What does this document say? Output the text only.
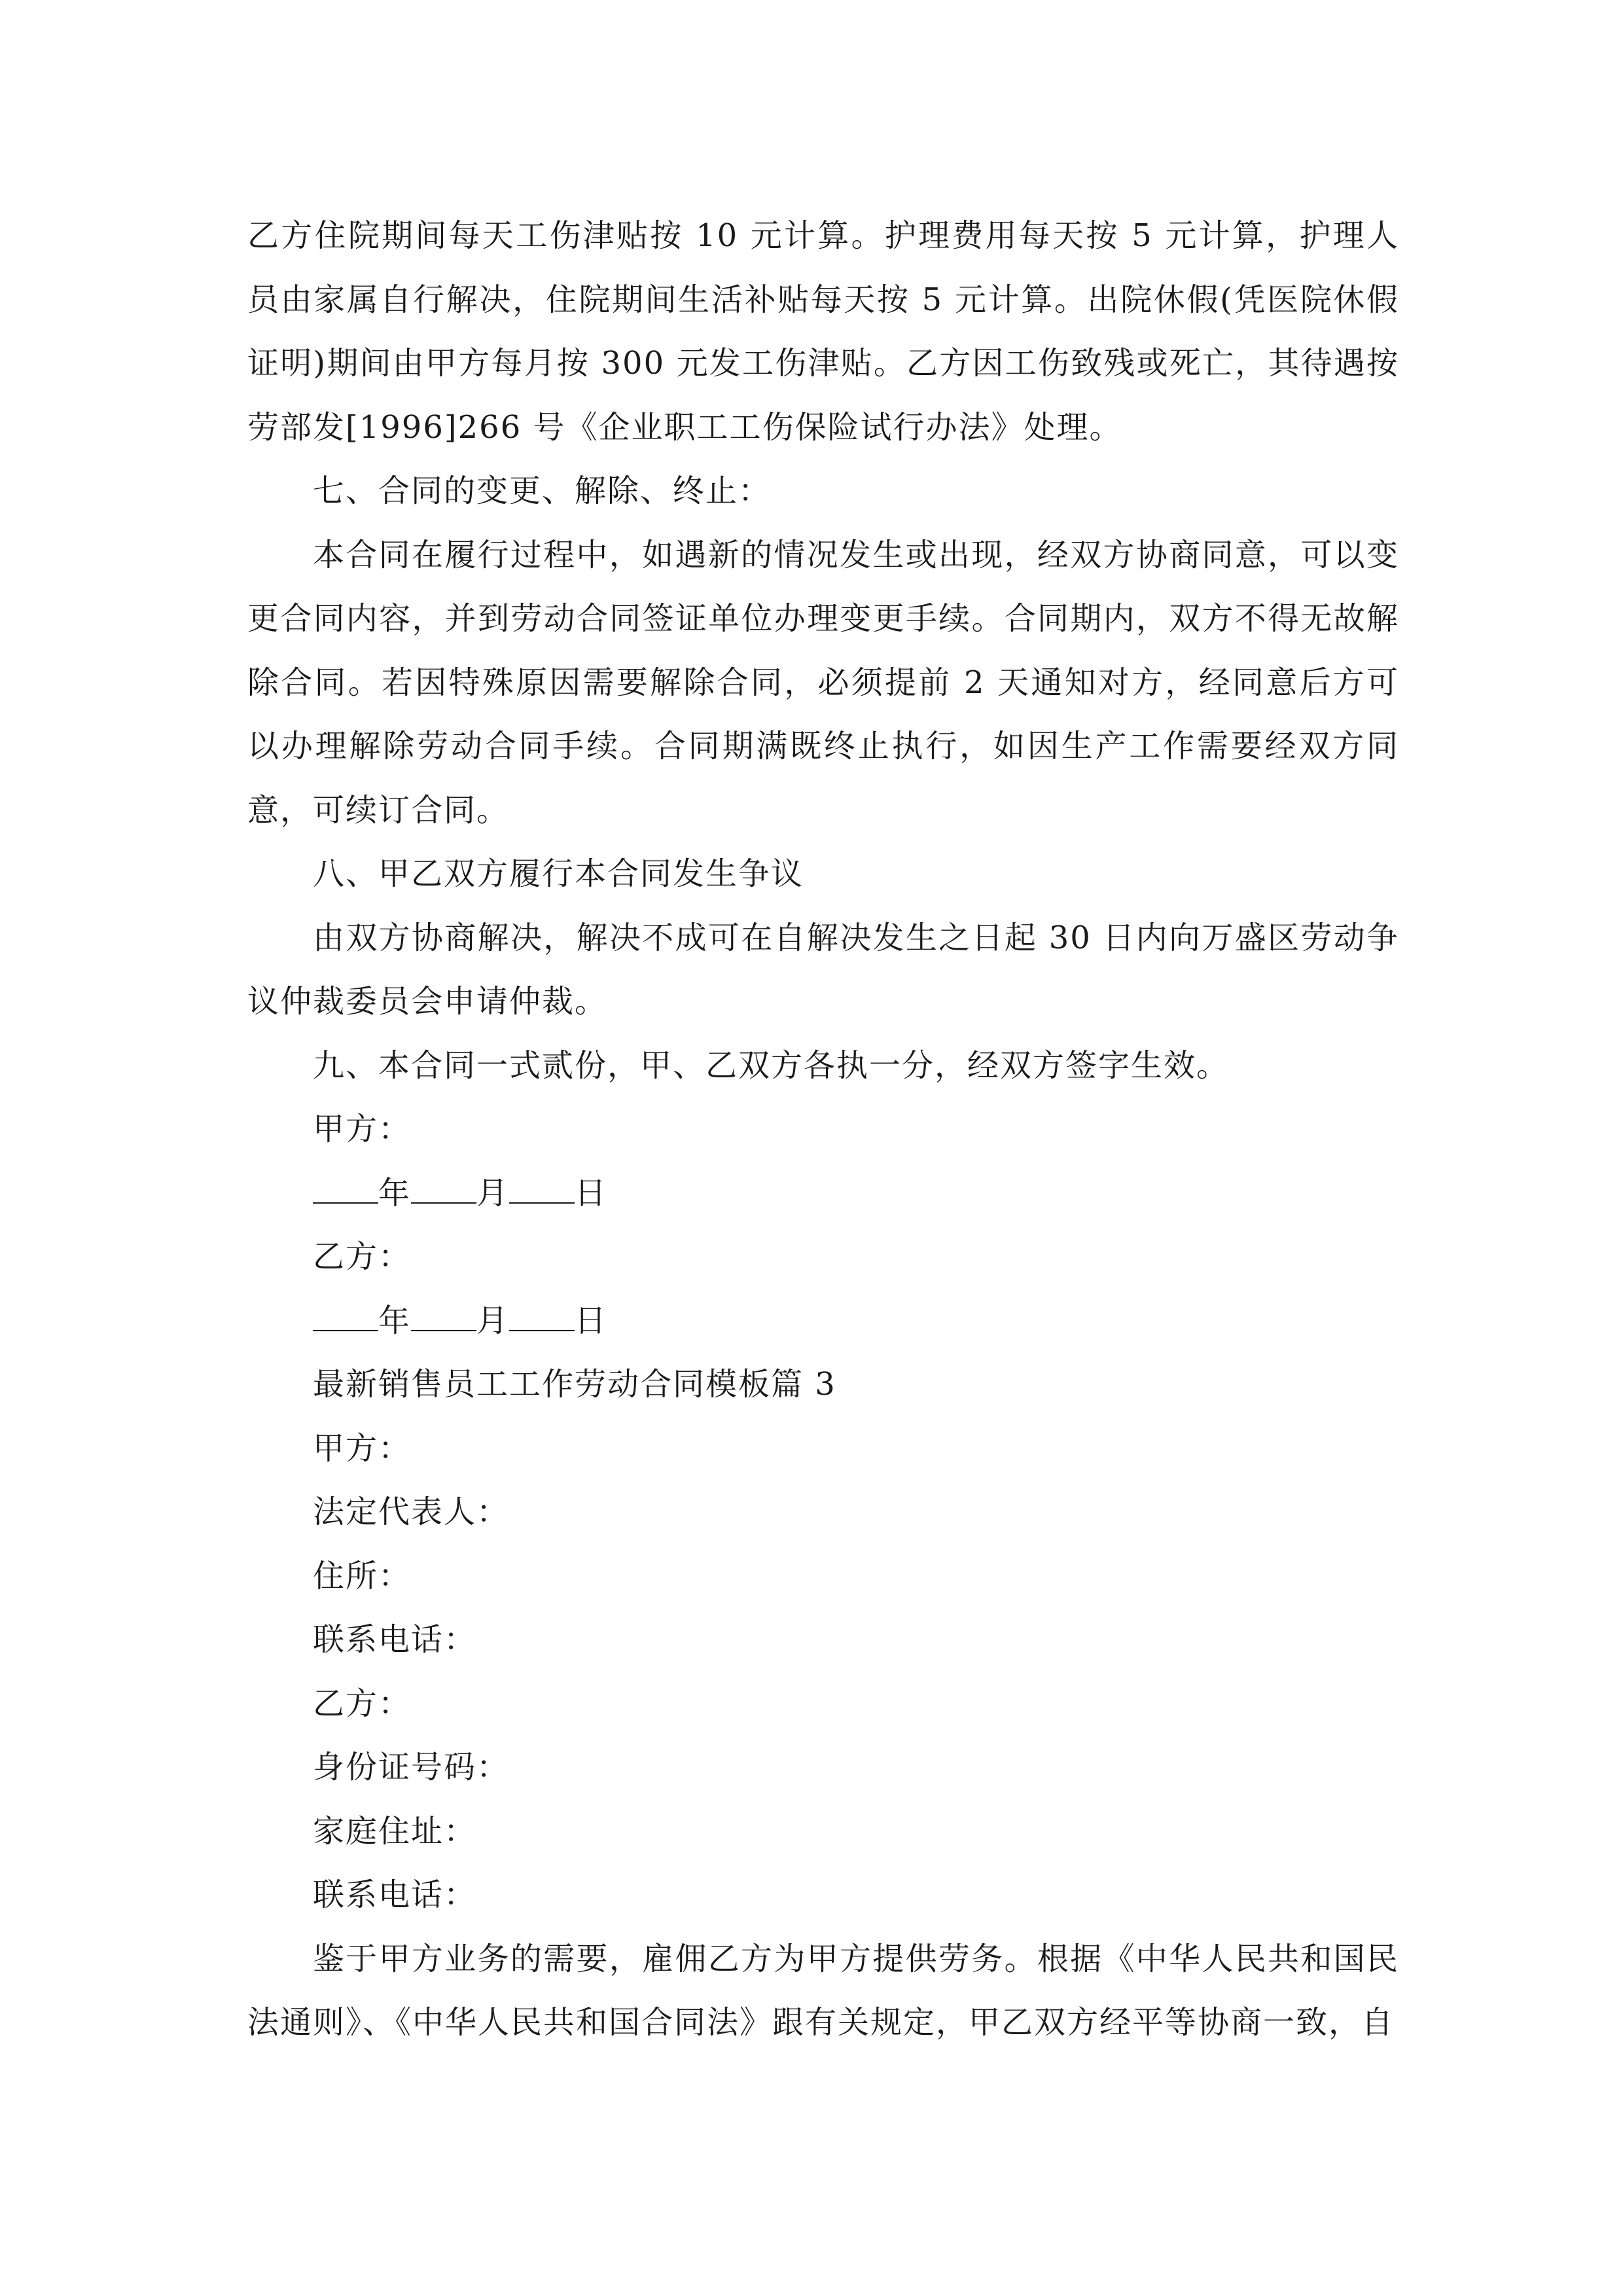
乙方住院期间每天工伤津贴按 10 元计算。护理费用每天按 5 元计算，护理人员由家属自行解决，住院期间生活补贴每天按 5 元计算。出院休假(凭医院休假证明)期间由甲方每月按 300 元发工伤津贴。乙方因工伤致残或死亡，其待遇按劳部发[1996]266 号《企业职工工伤保险试行办法》处理。

七、合同的变更、解除、终止：

本合同在履行过程中，如遇新的情况发生或出现，经双方协商同意，可以变更合同内容，并到劳动合同签证单位办理变更手续。合同期内，双方不得无故解除合同。若因特殊原因需要解除合同，必须提前 2 天通知对方，经同意后方可以办理解除劳动合同手续。合同期满既终止执行，如因生产工作需要经双方同意，可续订合同。

八、甲乙双方履行本合同发生争议

由双方协商解决，解决不成可在自解决发生之日起 30 日内向万盛区劳动争议仲裁委员会申请仲裁。

九、本合同一式贰份，甲、乙双方各执一分，经双方签字生效。

甲方：

年 月 日

乙方：

年 月 日

最新销售员工工作劳动合同模板篇 3

甲方：

法定代表人：

住所：

联系电话：

乙方：

身份证号码：

家庭住址：

联系电话：

鉴于甲方业务的需要，雇佣乙方为甲方提供劳务。根据《中华人民共和国民法通则》、《中华人民共和国合同法》跟有关规定，甲乙双方经平等协商一致，自
